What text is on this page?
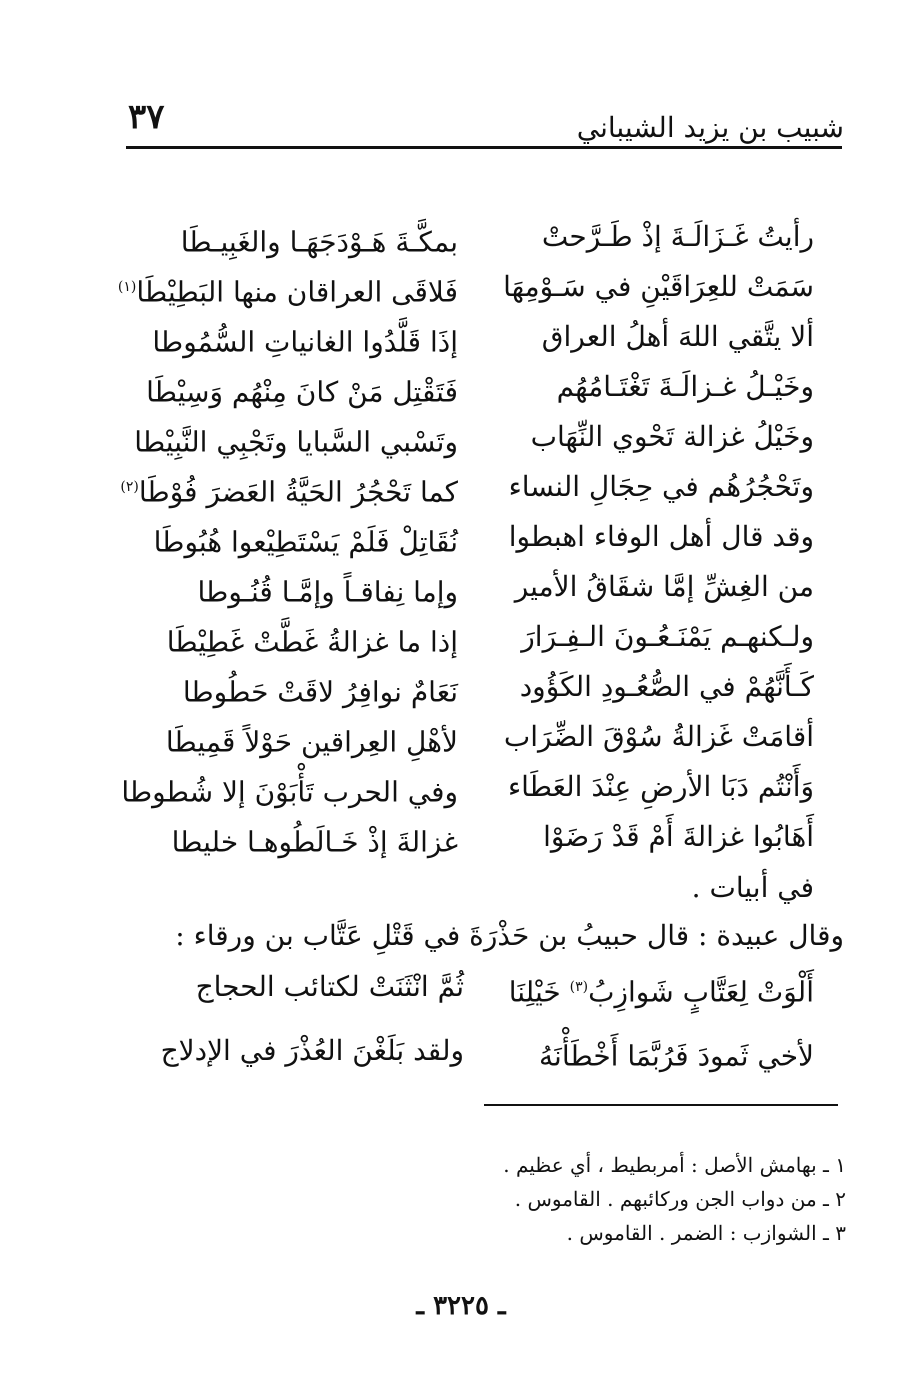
شبيب بن يزيد الشيباني
٣٧
رأيتُ غَـزَالَـةَ إذْ طَـرَّحتْ
بمكَّـةَ هَـوْدَجَهَـا والغَبِيـطَا
سَمَتْ للعِرَاقَيْنِ في سَـوْمِهَا
فَلاقَى العراقان منها البَطِيْطَا$^{(١)}$
ألا يتَّقي اللهَ أهلُ العراق
إذَا قَلَّدُوا الغانياتِ السُّمُوطا
وخَيْـلُ غـزالَـةَ تَغْتَـامُهُم
فَتَقْتِل مَنْ كانَ مِنْهُم وَسِيْطَا
وخَيْلُ غزالة تَحْوي النِّهَاب
وتَسْبي السَّبايا وتَجْبِي النَّبِيْطا
وتَحْجُرُهُم في حِجَالِ النساء
كما تَحْجُرُ الحَيَّةُ العَضرَ فُوْطَا$^{(٢)}$
وقد قال أهل الوفاء اهبطوا
نُقَاتِلْ فَلَمْ يَسْتَطِيْعوا هُبُوطَا
من الغِشِّ إمَّا شقَاقُ الأمير
وإما نِفاقـاً وإمَّـا قُنُـوطا
ولـكنهـم يَمْنَـعُـونَ الـفِـرَارَ
إذا ما غزالةُ غَطَّتْ غَطِيْطَا
كَـأَنَّهُمْ في الصُّعُـودِ الكَؤُود
نَعَامٌ نوافِرُ لاقَتْ حَطُوطا
أقامَتْ غَزالةُ سُوْقَ الضِّرَاب
لأهْلِ العِراقين حَوْلاً قَمِيطَا
وَأَنْتُم دَبَا الأرضِ عِنْدَ العَطَاء
وفي الحرب تَأْبَوْنَ إلا شُطوطا
أَهَابُوا غزالةَ أَمْ قَدْ رَضَوْا
غزالةَ إذْ خَـالَطُوهـا خليطا
في أبيات .
وقال عبيدة : قال حبيبُ بن حَذْرَةَ في قَتْلِ عَتَّاب بن ورقاء :
أَلْوَتْ لِعَتَّابٍ شَوازِبُ$^{(٣)}$ خَيْلِنَا
ثُمَّ انْثَنَتْ لكتائب الحجاج
لأخي ثَمودَ فَرُبَّمَا أَخْطَأْنَهُ
ولقد بَلَغْنَ العُذْرَ في الإدلاج
١ ـ بهامش الأصل : أمربطيط ، أي عظيم .
٢ ـ من دواب الجن وركائبهم . القاموس .
٣ ـ الشوازب : الضمر . القاموس .
ـ ٣٢٢٥ ـ
